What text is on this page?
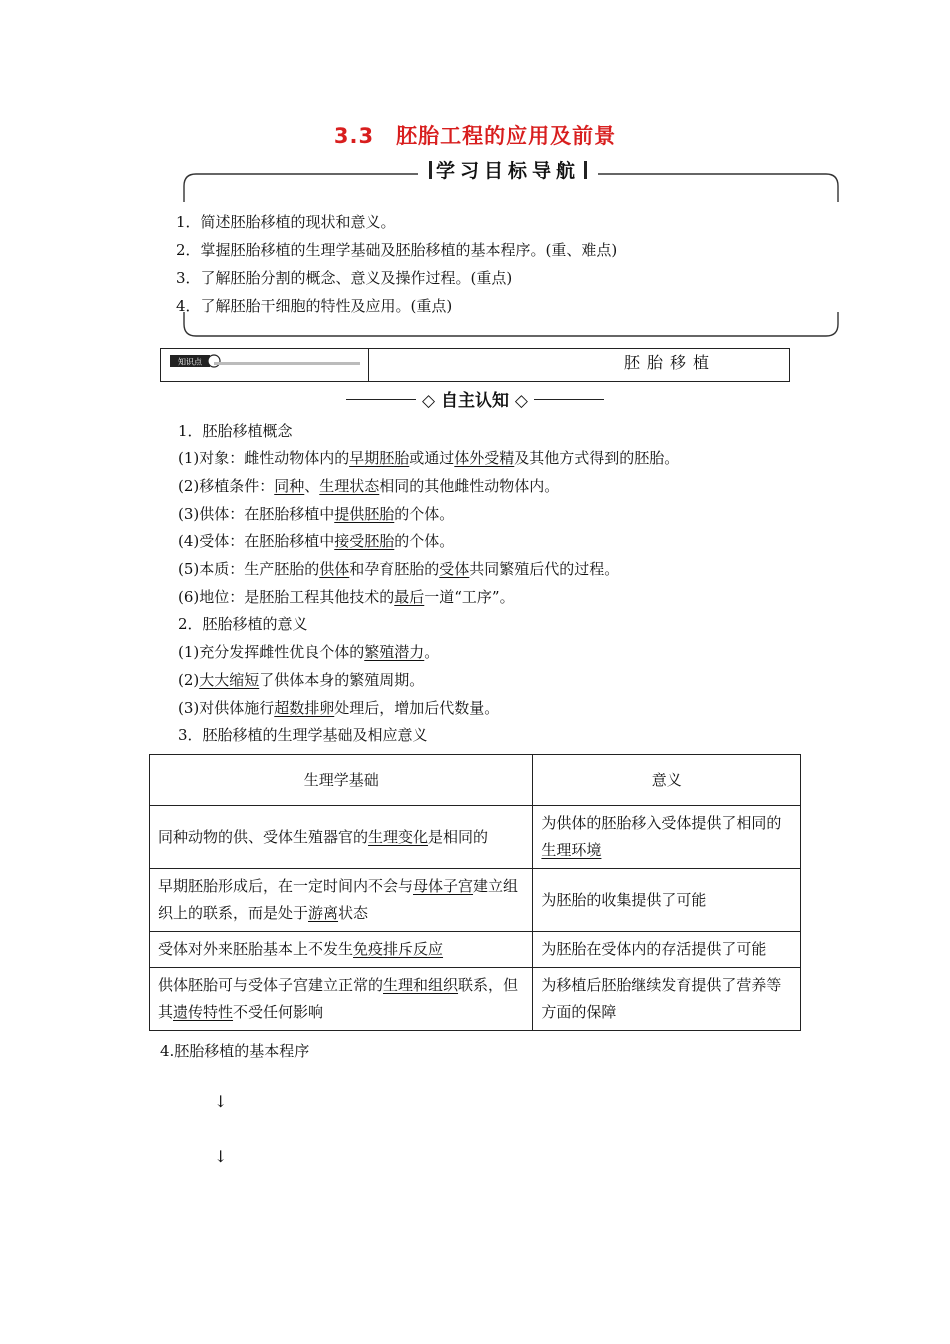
3.3 胚胎工程的应用及前景
学习目标导航
1．简述胚胎移植的现状和意义。
2．掌握胚胎移植的生理学基础及胚胎移植的基本程序。(重、难点)
3．了解胚胎分割的概念、意义及操作过程。(重点)
4．了解胚胎干细胞的特性及应用。(重点)
知识点	胚胎移植
◇ 自主认知 ◇
1．胚胎移植概念
(1)对象：雌性动物体内的早期胚胎或通过体外受精及其他方式得到的胚胎。
(2)移植条件：同种、生理状态相同的其他雌性动物体内。
(3)供体：在胚胎移植中提供胚胎的个体。
(4)受体：在胚胎移植中接受胚胎的个体。
(5)本质：生产胚胎的供体和孕育胚胎的受体共同繁殖后代的过程。
(6)地位：是胚胎工程其他技术的最后一道“工序”。
2．胚胎移植的意义
(1)充分发挥雌性优良个体的繁殖潜力。
(2)大大缩短了供体本身的繁殖周期。
(3)对供体施行超数排卵处理后，增加后代数量。
3．胚胎移植的生理学基础及相应意义
生理学基础	意义
同种动物的供、受体生殖器官的生理变化是相同的	为供体的胚胎移入受体提供了相同的生理环境
早期胚胎形成后，在一定时间内不会与母体子宫建立组织上的联系，而是处于游离状态	为胚胎的收集提供了可能
受体对外来胚胎基本上不发生免疫排斥反应	为胚胎在受体内的存活提供了可能
供体胚胎可与受体子宫建立正常的生理和组织联系，但其遗传特性不受任何影响	为移植后胚胎继续发育提供了营养等方面的保障
4.胚胎移植的基本程序
↓
↓
